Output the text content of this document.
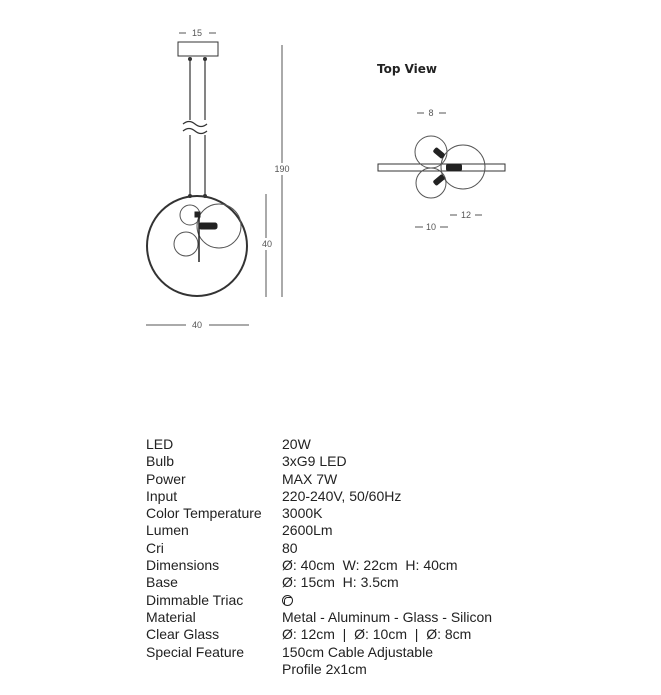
15
190
40
40
8
12
10
Top View
LED	20W
Bulb	3xG9 LED
Power	MAX 7W
Input	220-240V, 50/60Hz
Color Temperature 3000K
Lumen	2600Lm
Cri	80
Dimensions	Ø: 40cm  W: 22cm  H: 40cm
Base	Ø: 15cm  H: 3.5cm
Dimmable Triac
Material	Metal - Aluminum - Glass - Silicon
Clear Glass	Ø: 12cm  |  Ø: 10cm  |  Ø: 8cm
Special Feature	150cm Cable Adjustable
Profile 2x1cm
